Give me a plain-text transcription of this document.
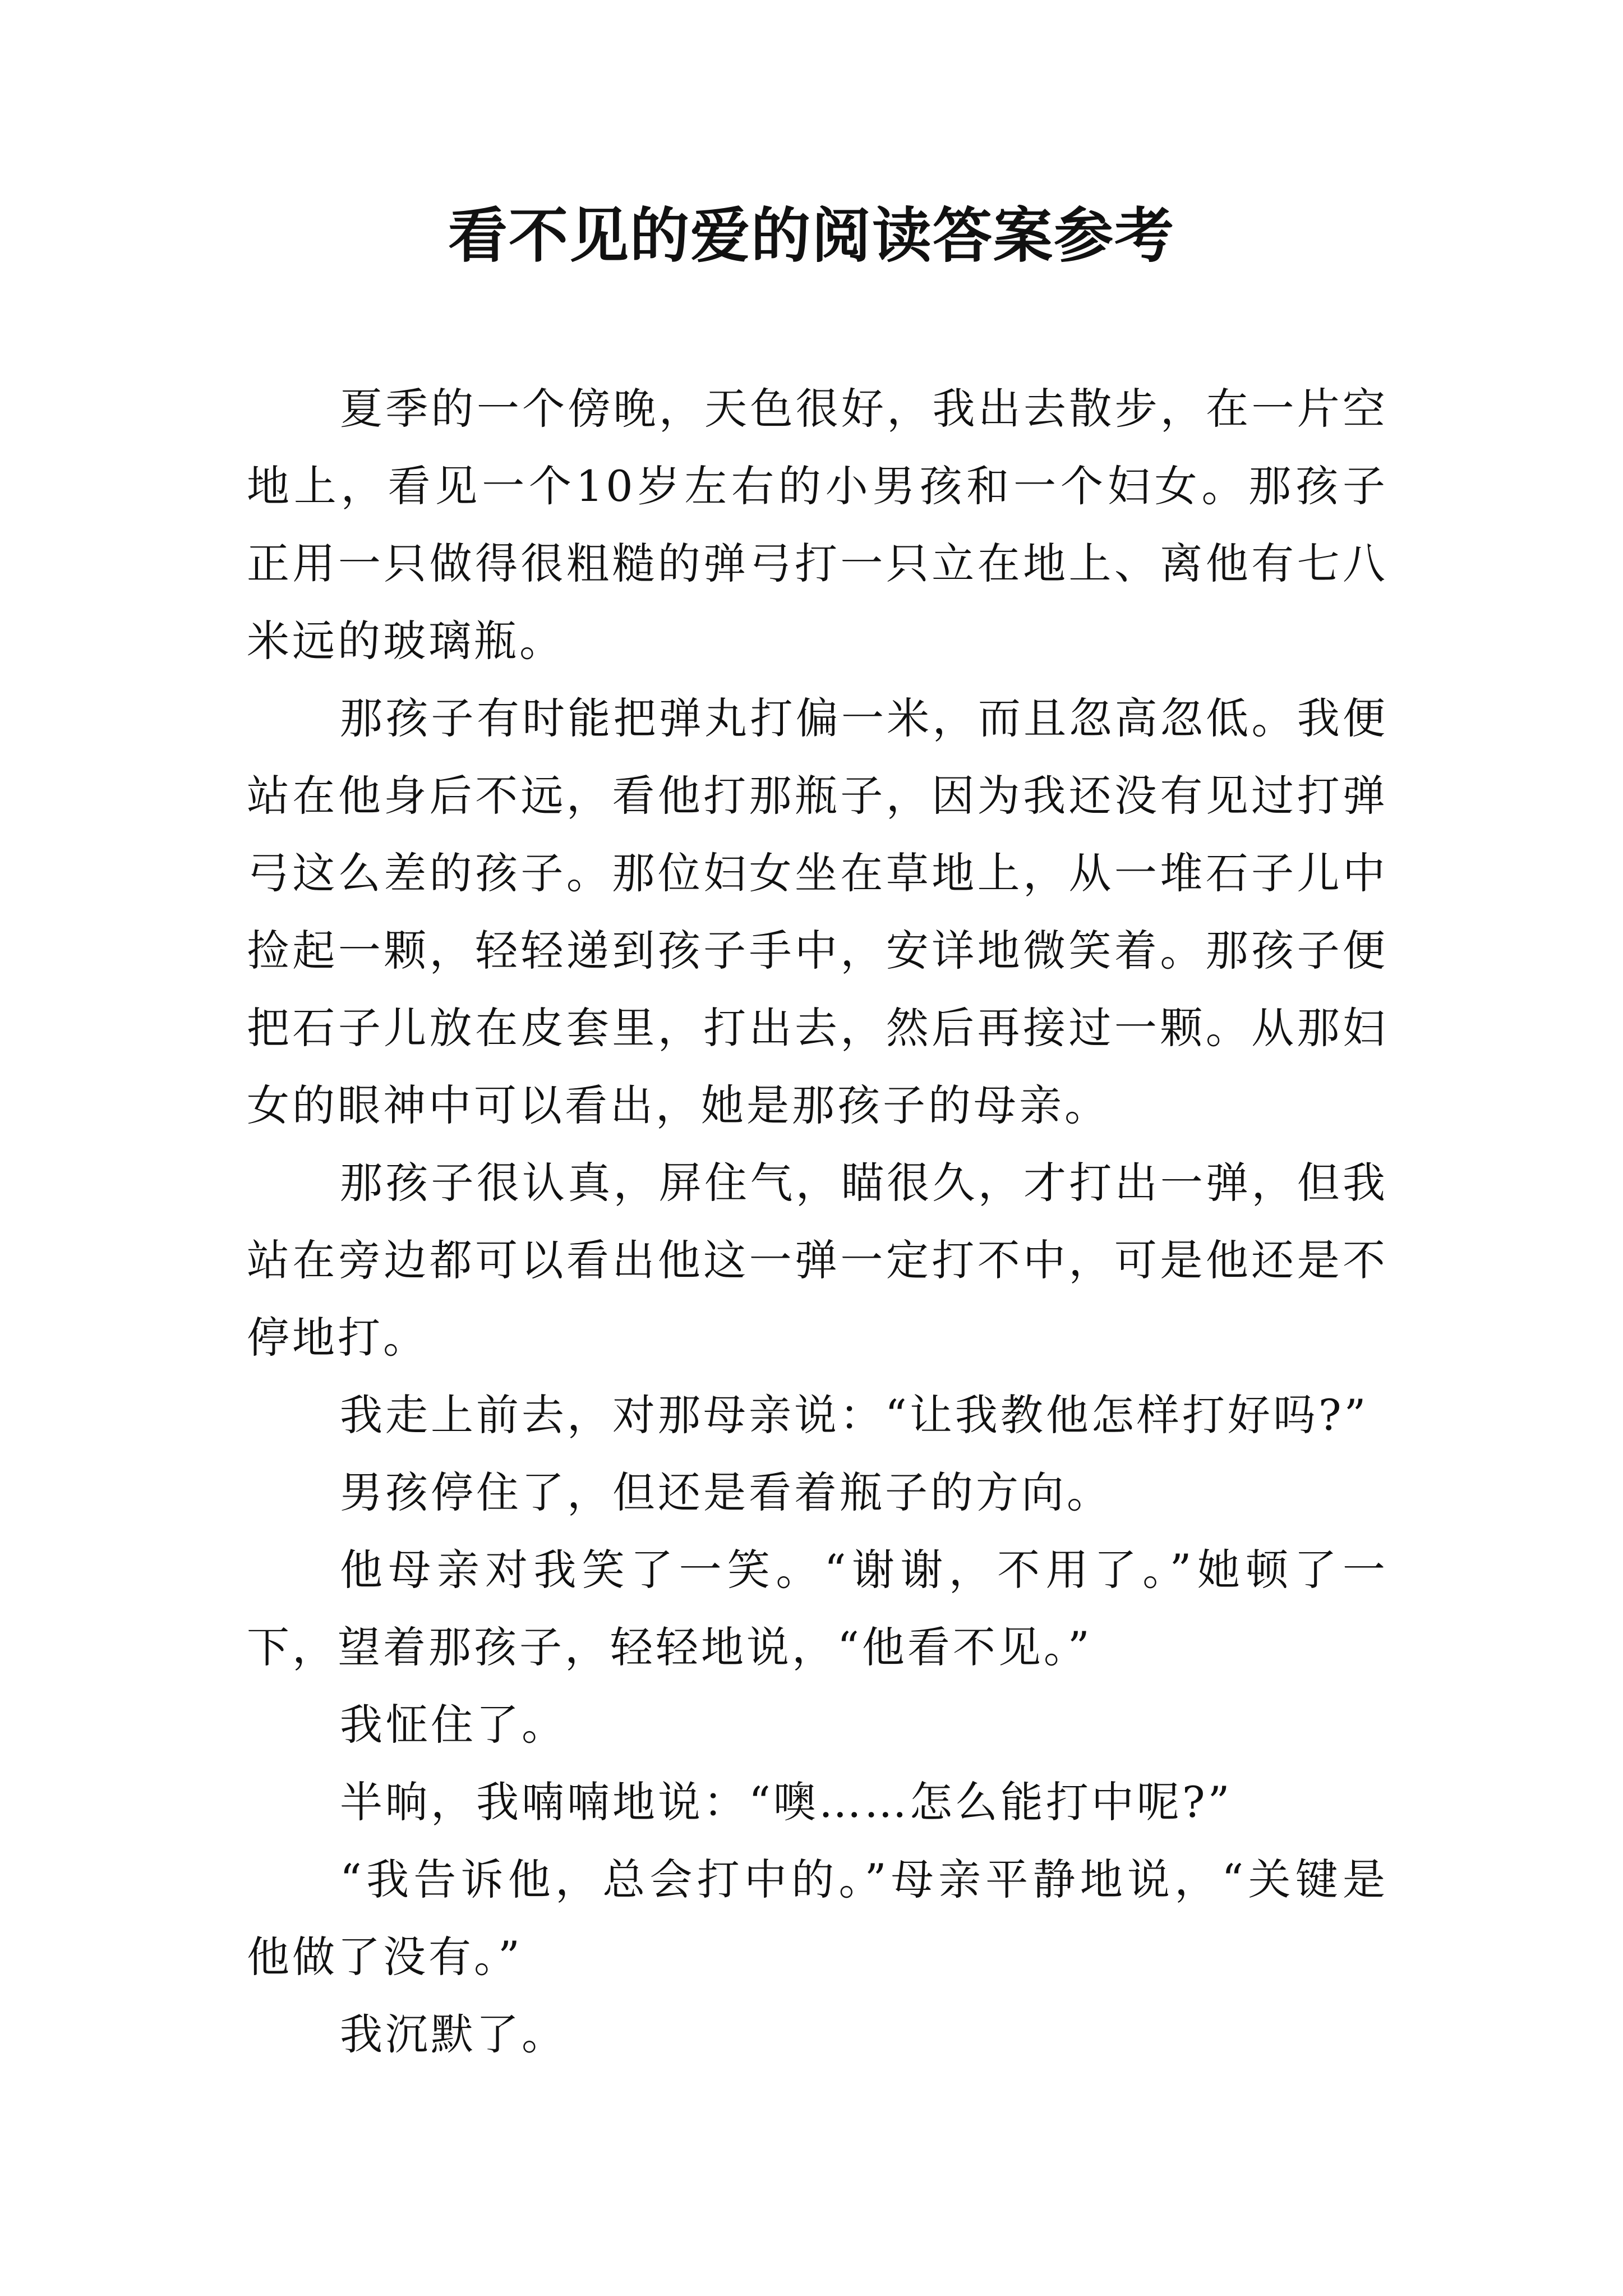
看不见的爱的阅读答案参考

夏季的一个傍晚，天色很好，我出去散步，在一片空地上，看见一个10岁左右的小男孩和一个妇女。那孩子正用一只做得很粗糙的弹弓打一只立在地上、离他有七八米远的玻璃瓶。

那孩子有时能把弹丸打偏一米，而且忽高忽低。我便站在他身后不远，看他打那瓶子，因为我还没有见过打弹弓这么差的孩子。那位妇女坐在草地上，从一堆石子儿中捡起一颗，轻轻递到孩子手中，安详地微笑着。那孩子便把石子儿放在皮套里，打出去，然后再接过一颗。从那妇女的眼神中可以看出，她是那孩子的母亲。

那孩子很认真，屏住气，瞄很久，才打出一弹，但我站在旁边都可以看出他这一弹一定打不中，可是他还是不停地打。

我走上前去，对那母亲说：“让我教他怎样打好吗?”

男孩停住了，但还是看着瓶子的方向。

他母亲对我笑了一笑。“谢谢，不用了。”她顿了一下，望着那孩子，轻轻地说，“他看不见。”

我怔住了。

半晌，我喃喃地说：“噢……怎么能打中呢?”

“我告诉他，总会打中的。”母亲平静地说，“关键是他做了没有。”

我沉默了。
